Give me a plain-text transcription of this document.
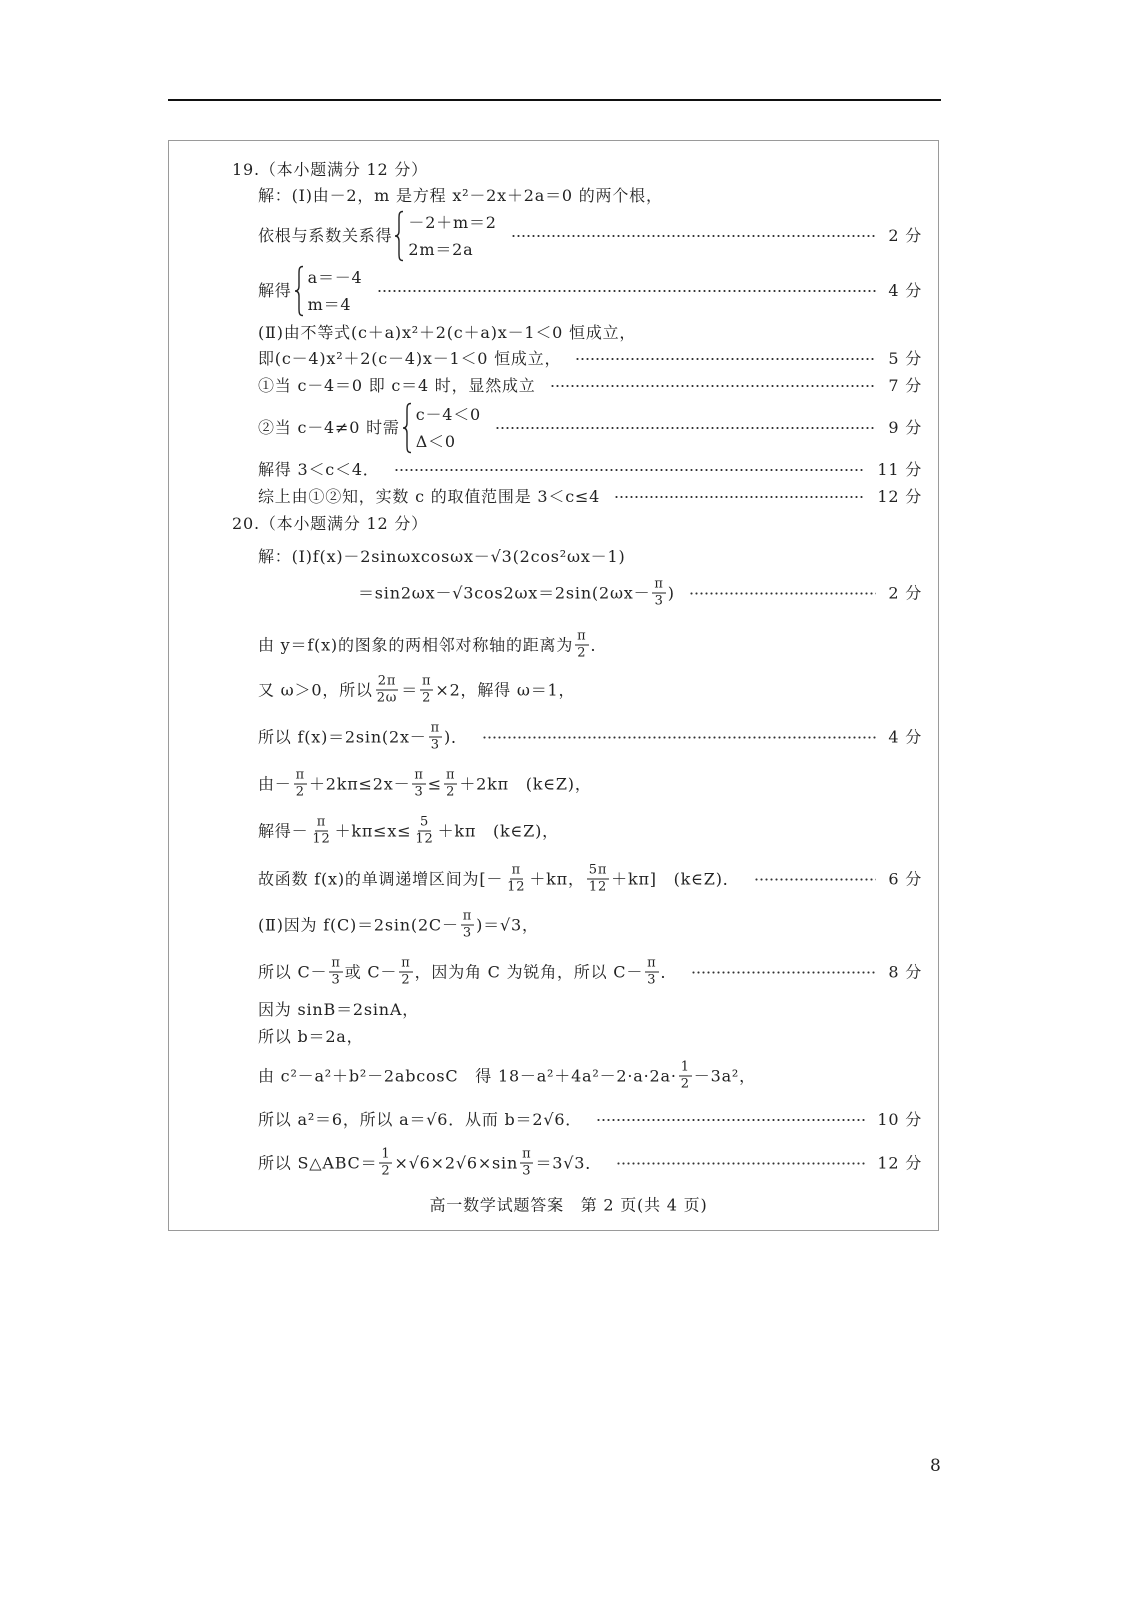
19.（本小题满分 12 分）
解：(Ⅰ)由－2，m 是方程 x²－2x＋2a＝0 的两个根，
依根与系数关系得
－2＋m＝2
2m＝2a
2 分
解得
a＝－4
m＝4
4 分
(Ⅱ)由不等式(c＋a)x²＋2(c＋a)x－1＜0 恒成立，
即(c－4)x²＋2(c－4)x－1＜0 恒成立，	5 分
①当 c－4＝0 即 c＝4 时，显然成立	7 分
②当 c－4≠0 时需
c－4＜0
Δ＜0
9 分
解得 3＜c＜4．	11 分
综上由①②知，实数 c 的取值范围是 3＜c≤4	12 分
20.（本小题满分 12 分）
解：(Ⅰ)f(x)－2sinωxcosωx－√3(2cos²ωx－1)
$=\sin 2\omega x-√3\cos 2\omega x=2\sin(2\omega x- \frac{\pi}{3}$ )	2 分
由 y＝f(x)的图象的两相邻对称轴的距离为 $\frac{\pi}{2}$ ．
又 ω＞0，所以 $\frac{2\pi}{2\omega} = \frac{\pi}{2} \times 2$，解得 ω＝1，
所以 $f(x)=2\sin(2x- \frac{\pi}{3}$ )．	4 分
由－ $\frac{\pi}{2} +2k\pi\le 2x- \frac{\pi}{3} \le \frac{\pi}{2} +2k\pi$　(k∈Z)，
解得－ $\frac{\pi}{12} +k\pi\le x\le \frac{5}{12} +k\pi$　(k∈Z)，
故函数 f(x)的单调递增区间为[－ $\frac{\pi}{12} +k\pi$， $\frac{5\pi}{12} +k\pi$]　(k∈Z)．	6 分
(Ⅱ)因为 $f(C)=2\sin(2C- \frac{\pi}{3} )=√3$，
所以 $C- \frac{\pi}{3}$ 或 $C- \frac{\pi}{2}$ ，因为角 C 为锐角，所以 $C- \frac{\pi}{3}$ ．	8 分
因为 sinB＝2sinA，
所以 b＝2a，
由 c²－a²＋b²－2abcosC　得 $18-a^2+4a^2-2\cdot a\cdot 2a\cdot \frac{1}{2} -3a^2$，
所以 a²＝6，所以 a＝√6．从而 b＝2√6．	10 分
所以 S△ABC＝ $\frac{1}{2} \times√6\times 2√6\times\sin \frac{\pi}{3} =3√3$．	12 分
高一数学试题答案　第 2 页(共 4 页)
8
